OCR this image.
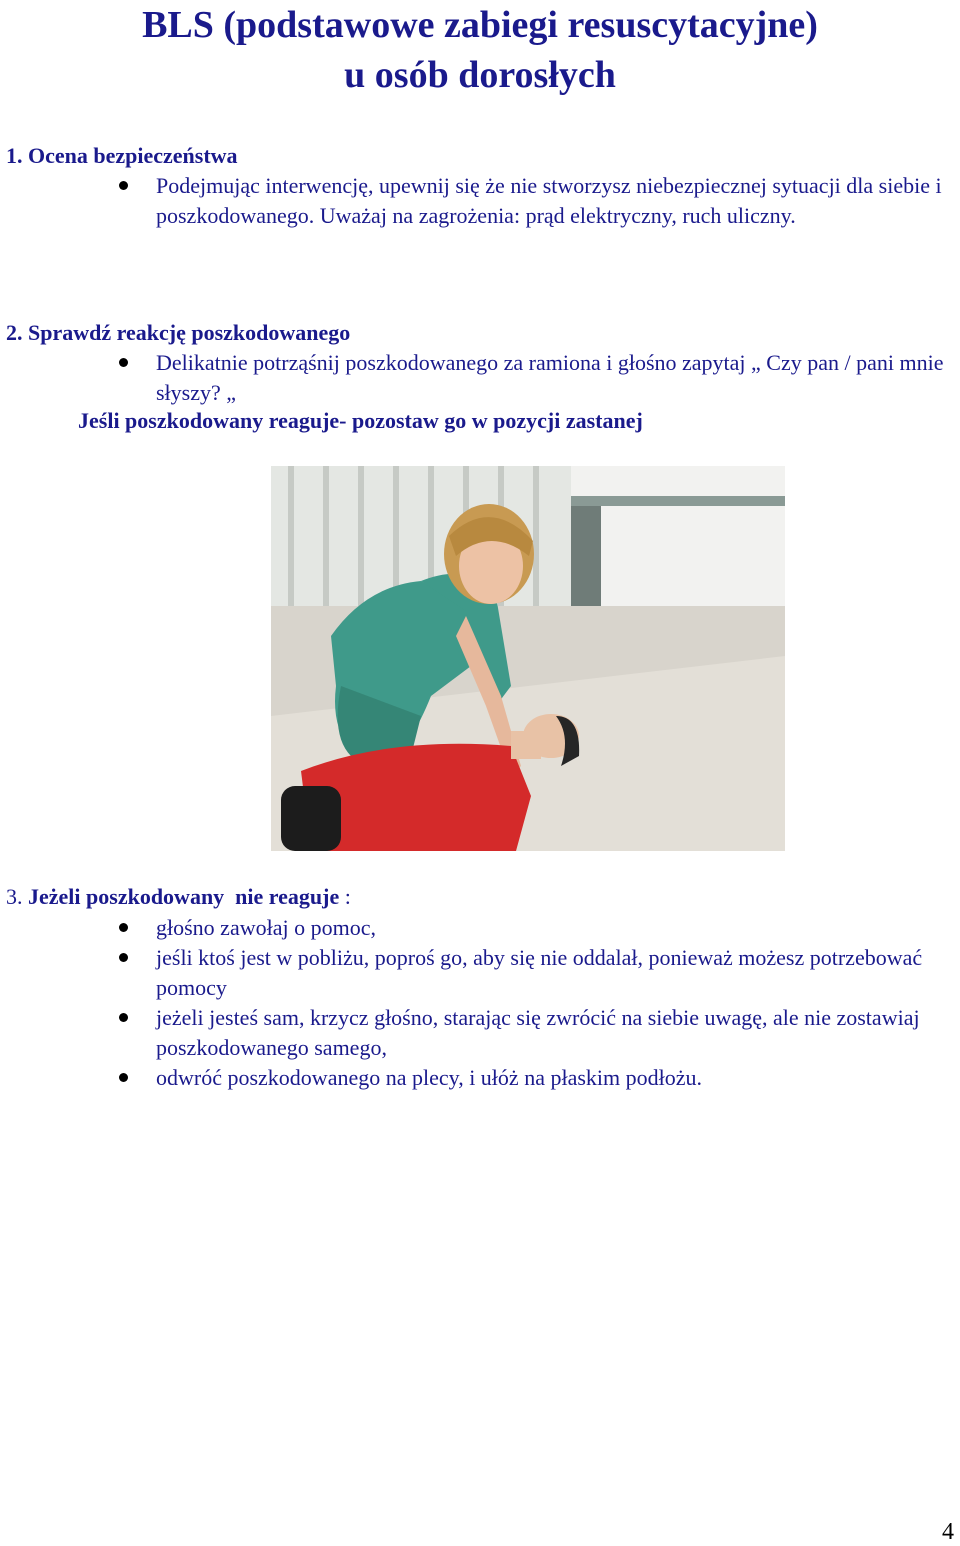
BLS (podstawowe zabiegi resuscytacyjne)
u osób dorosłych
1. Ocena bezpieczeństwa
Podejmując interwencję, upewnij się że nie stworzysz niebezpiecznej sytuacji dla siebie i poszkodowanego. Uważaj na zagrożenia: prąd elektryczny, ruch uliczny.
2. Sprawdź reakcję poszkodowanego
Delikatnie potrząśnij poszkodowanego za ramiona i głośno zapytaj „ Czy pan / pani mnie słyszy? „
Jeśli poszkodowany reaguje- pozostaw go w pozycji zastanej
3. Jeżeli poszkodowany  nie reaguje :
głośno zawołaj o pomoc,
jeśli ktoś jest w pobliżu, poproś go, aby się nie oddalał, ponieważ możesz potrzebować pomocy
jeżeli jesteś sam, krzycz głośno, starając się zwrócić na siebie uwagę, ale nie zostawiaj poszkodowanego samego,
odwróć poszkodowanego na plecy, i ułóż na płaskim podłożu.
4
